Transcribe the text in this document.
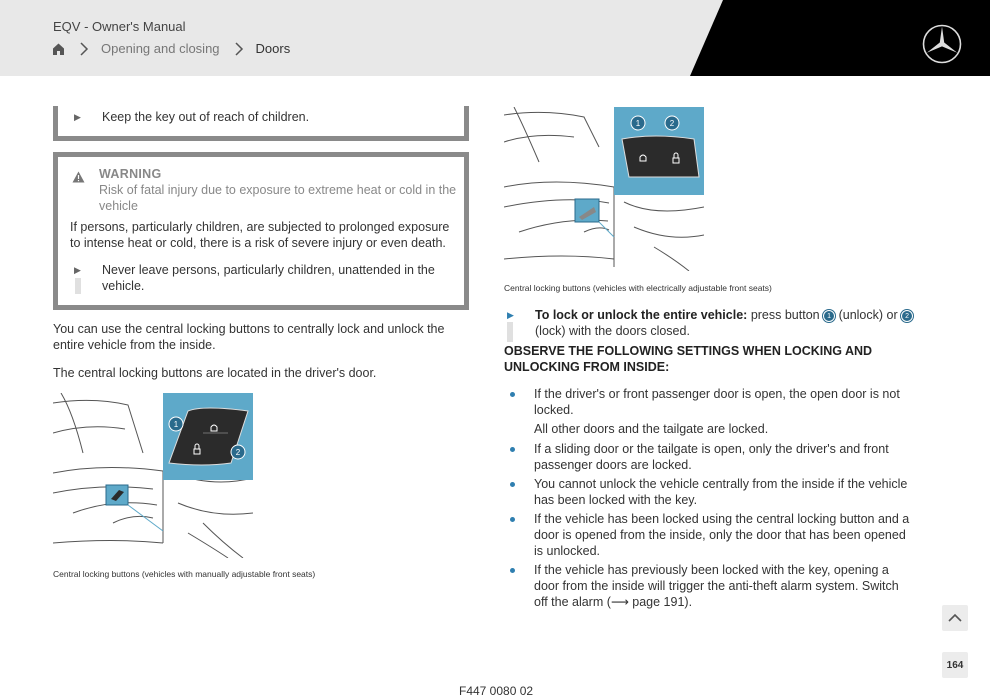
EQV - Owner's Manual
Opening and closing	Doors
▶ Keep the key out of reach of children.
WARNING
Risk of fatal injury due to exposure to extreme heat or cold in the vehicle
If persons, particularly children, are subjected to prolonged exposure to intense heat or cold, there is a risk of severe injury or even death.
▶ Never leave persons, particularly children, unattended in the vehicle.
You can use the central locking buttons to centrally lock and unlock the entire vehicle from the inside.
The central locking buttons are located in the driver's door.
1
2
Central locking buttons (vehicles with manually adjustable front seats)
1	2
Central locking buttons (vehicles with electrically adjustable front seats)
▶ To lock or unlock the entire vehicle: press button 1 (unlock) or 2
(lock) with the doors closed.
OBSERVE THE FOLLOWING SETTINGS WHEN LOCKING AND UNLOCKING FROM INSIDE:
If the driver's or front passenger door is open, the open door is not locked.
All other doors and the tailgate are locked.
If a sliding door or the tailgate is open, only the driver's and front passenger doors are locked.
You cannot unlock the vehicle centrally from the inside if the vehicle has been locked with the key.
If the vehicle has been locked using the central locking button and a door is opened from the inside, only the door that has been opened is unlocked.
If the vehicle has previously been locked with the key, opening a door from the inside will trigger the anti-theft alarm system. Switch off the alarm (⟶ page 191).
164
F447 0080 02
